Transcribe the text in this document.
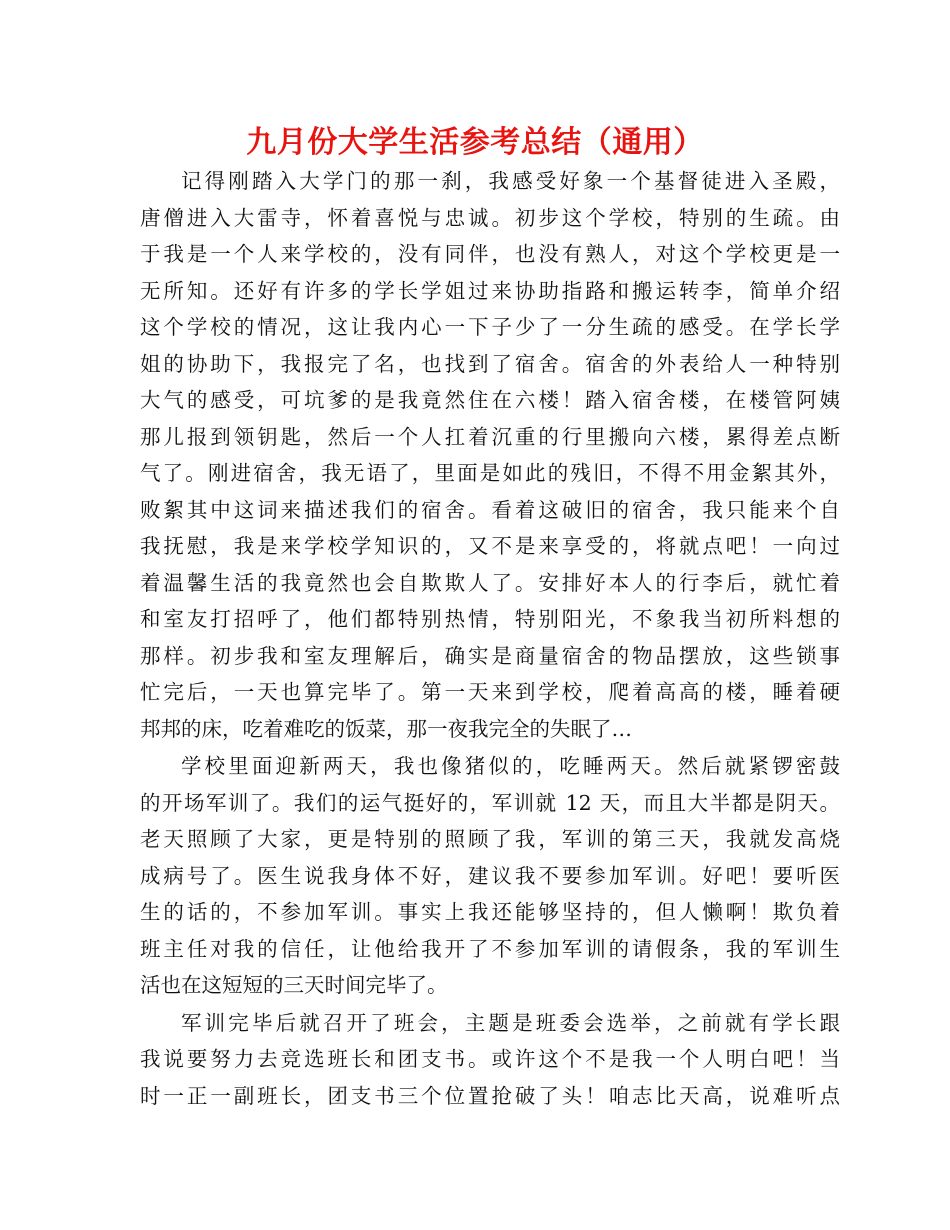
九月份大学生活参考总结（通用）
记得刚踏入大学门的那一刹，我感受好象一个基督徒进入圣殿，
唐僧进入大雷寺，怀着喜悦与忠诚。初步这个学校，特别的生疏。由
于我是一个人来学校的，没有同伴，也没有熟人，对这个学校更是一
无所知。还好有许多的学长学姐过来协助指路和搬运转李，简单介绍
这个学校的情况，这让我内心一下子少了一分生疏的感受。在学长学
姐的协助下，我报完了名，也找到了宿舍。宿舍的外表给人一种特别
大气的感受，可坑爹的是我竟然住在六楼！踏入宿舍楼，在楼管阿姨
那儿报到领钥匙，然后一个人扛着沉重的行里搬向六楼，累得差点断
气了。刚进宿舍，我无语了，里面是如此的残旧，不得不用金絮其外，
败絮其中这词来描述我们的宿舍。看着这破旧的宿舍，我只能来个自
我抚慰，我是来学校学知识的，又不是来享受的，将就点吧！一向过
着温馨生活的我竟然也会自欺欺人了。安排好本人的行李后，就忙着
和室友打招呼了，他们都特别热情，特别阳光，不象我当初所料想的
那样。初步我和室友理解后，确实是商量宿舍的物品摆放，这些锁事
忙完后，一天也算完毕了。第一天来到学校，爬着高高的楼，睡着硬
邦邦的床，吃着难吃的饭菜，那一夜我完全的失眠了…
学校里面迎新两天，我也像猪似的，吃睡两天。然后就紧锣密鼓
的开场军训了。我们的运气挺好的，军训就 12 天，而且大半都是阴天。
老天照顾了大家，更是特别的照顾了我，军训的第三天，我就发高烧
成病号了。医生说我身体不好，建议我不要参加军训。好吧！要听医
生的话的，不参加军训。事实上我还能够坚持的，但人懒啊！欺负着
班主任对我的信任，让他给我开了不参加军训的请假条，我的军训生
活也在这短短的三天时间完毕了。
军训完毕后就召开了班会，主题是班委会选举，之前就有学长跟
我说要努力去竞选班长和团支书。或许这个不是我一个人明白吧！当
时一正一副班长，团支书三个位置抢破了头！咱志比天高，说难听点
